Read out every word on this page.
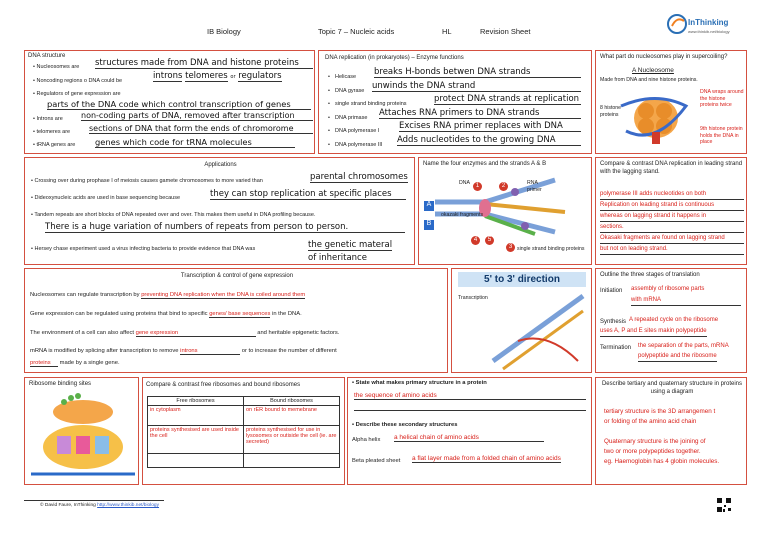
IB Biology	Topic 7 – Nucleic acids	HL	Revision Sheet
InThinking
www.thinkib.net/biology
DNA structure
• Nucleosomes are structures made from DNA and histone proteins
• Noncoding regions o DNA could be	introns telomeres or regulators
• Regulators of gene expression are
parts of the DNA code which control transcription of genes
• Introns are non-coding parts of DNA, removed after transcription
• telomeres are sections of DNA that form the ends of chromorome
• tRNA genes are genes which code for tRNA molecules
DNA replication (in prokaryotes) – Enzyme functions
• Helicase breaks H-bonds betwen DNA strands
• DNA gyrase unwinds the DNA strand
• single strand binding proteins	protect DNA strands at replication
• DNA primase Attaches RNA primers to DNA strands
• DNA polymerase I Excises RNA primer replaces with DNA
• DNA polymerase III Adds nucleotides to the growing DNA
What part do nucleosomes play in supercoiling?
A Nucleosome
Made from DNA and nine histone proteins.
8 histone proteins
DNA wraps around the histone proteins twice
9th histone protein holds the DNA in place
Applications
• Crossing over during prophase I of meiosis causes gamete chromosomes to more varied than	parental chromosomes
• Dideoxynucleic acids are used in base sequencing because	they can stop replication at specific places
• Tandem repeats are short blocks of DNA repeated over and over. This makes them useful in DNA profiling because.
There is a huge variation of numbers of repeats from person to person.
• Hersey chase experiment used a virus infecting bacteria to provide evidence that DNA was	the genetic materal
of inheritance
Name the four enzymes and the strands A & B
A
B
1	2
3
4	5
DNA	RNA primer
okazaki fragments
single strand binding proteins
Compare & contrast DNA replication in leading strand with the lagging stand.
polymerase III adds nucleotides on both
Replication on leading strand is continuous
whereas on lagging strand it happens in
sections.
Okasaki fragments are found on lagging strand
but not on leading strand.
Transcription & control of gene expression
Nucleosomes can regulate transcription by preventing DNA replication when the DNA is coiled around them
Gene expression can be regulated using proteins that bind to specific genes/ base sequences in the DNA.
The environment of a cell can also affect gene expression	and heritable epigenetic factors.
mRNA is modified by splicing after transcription to remove introns	or to increase the number of different
proteins made by a single gene.
5' to 3' direction
Transcription
Outline the three stages of translation
Initiation assembly of ribosome parts
with mRNA
Synthesis A repeated cycle on the ribosome
uses A, P and E sites makin polypeptide
Termination the separation of the parts, mRNA
polypeptide and the ribosome
Ribosome binding sites	Compare & contrast free ribosomes and bound ribosomes
Free ribosomes	Bound ribosomes
in cytoplasm	on rER bound to memebrane
proteins synthesised are used inside the cell	proteins synthesised for use in lysosomes or outiside the cell (ie. are secreted)

• State what makes primary structure in a protein
the sequence of amino acids
• Describe these secondary structures
Alpha helix a helical chain of amino acids
Beta pleated sheet a flat layer made from a folded chain of amino acids
Describe tertiary and quaternary structure in proteins using a diagram
tertiary structure is the 3D arrangemen t
or folding of the amino acid chain
Quaternary structure is the joining of
two or more polypeptides together.
eg. Haemoglobin has 4 globin molecules.
© David Faure, InThinking http://www.thinkib.net/biology
